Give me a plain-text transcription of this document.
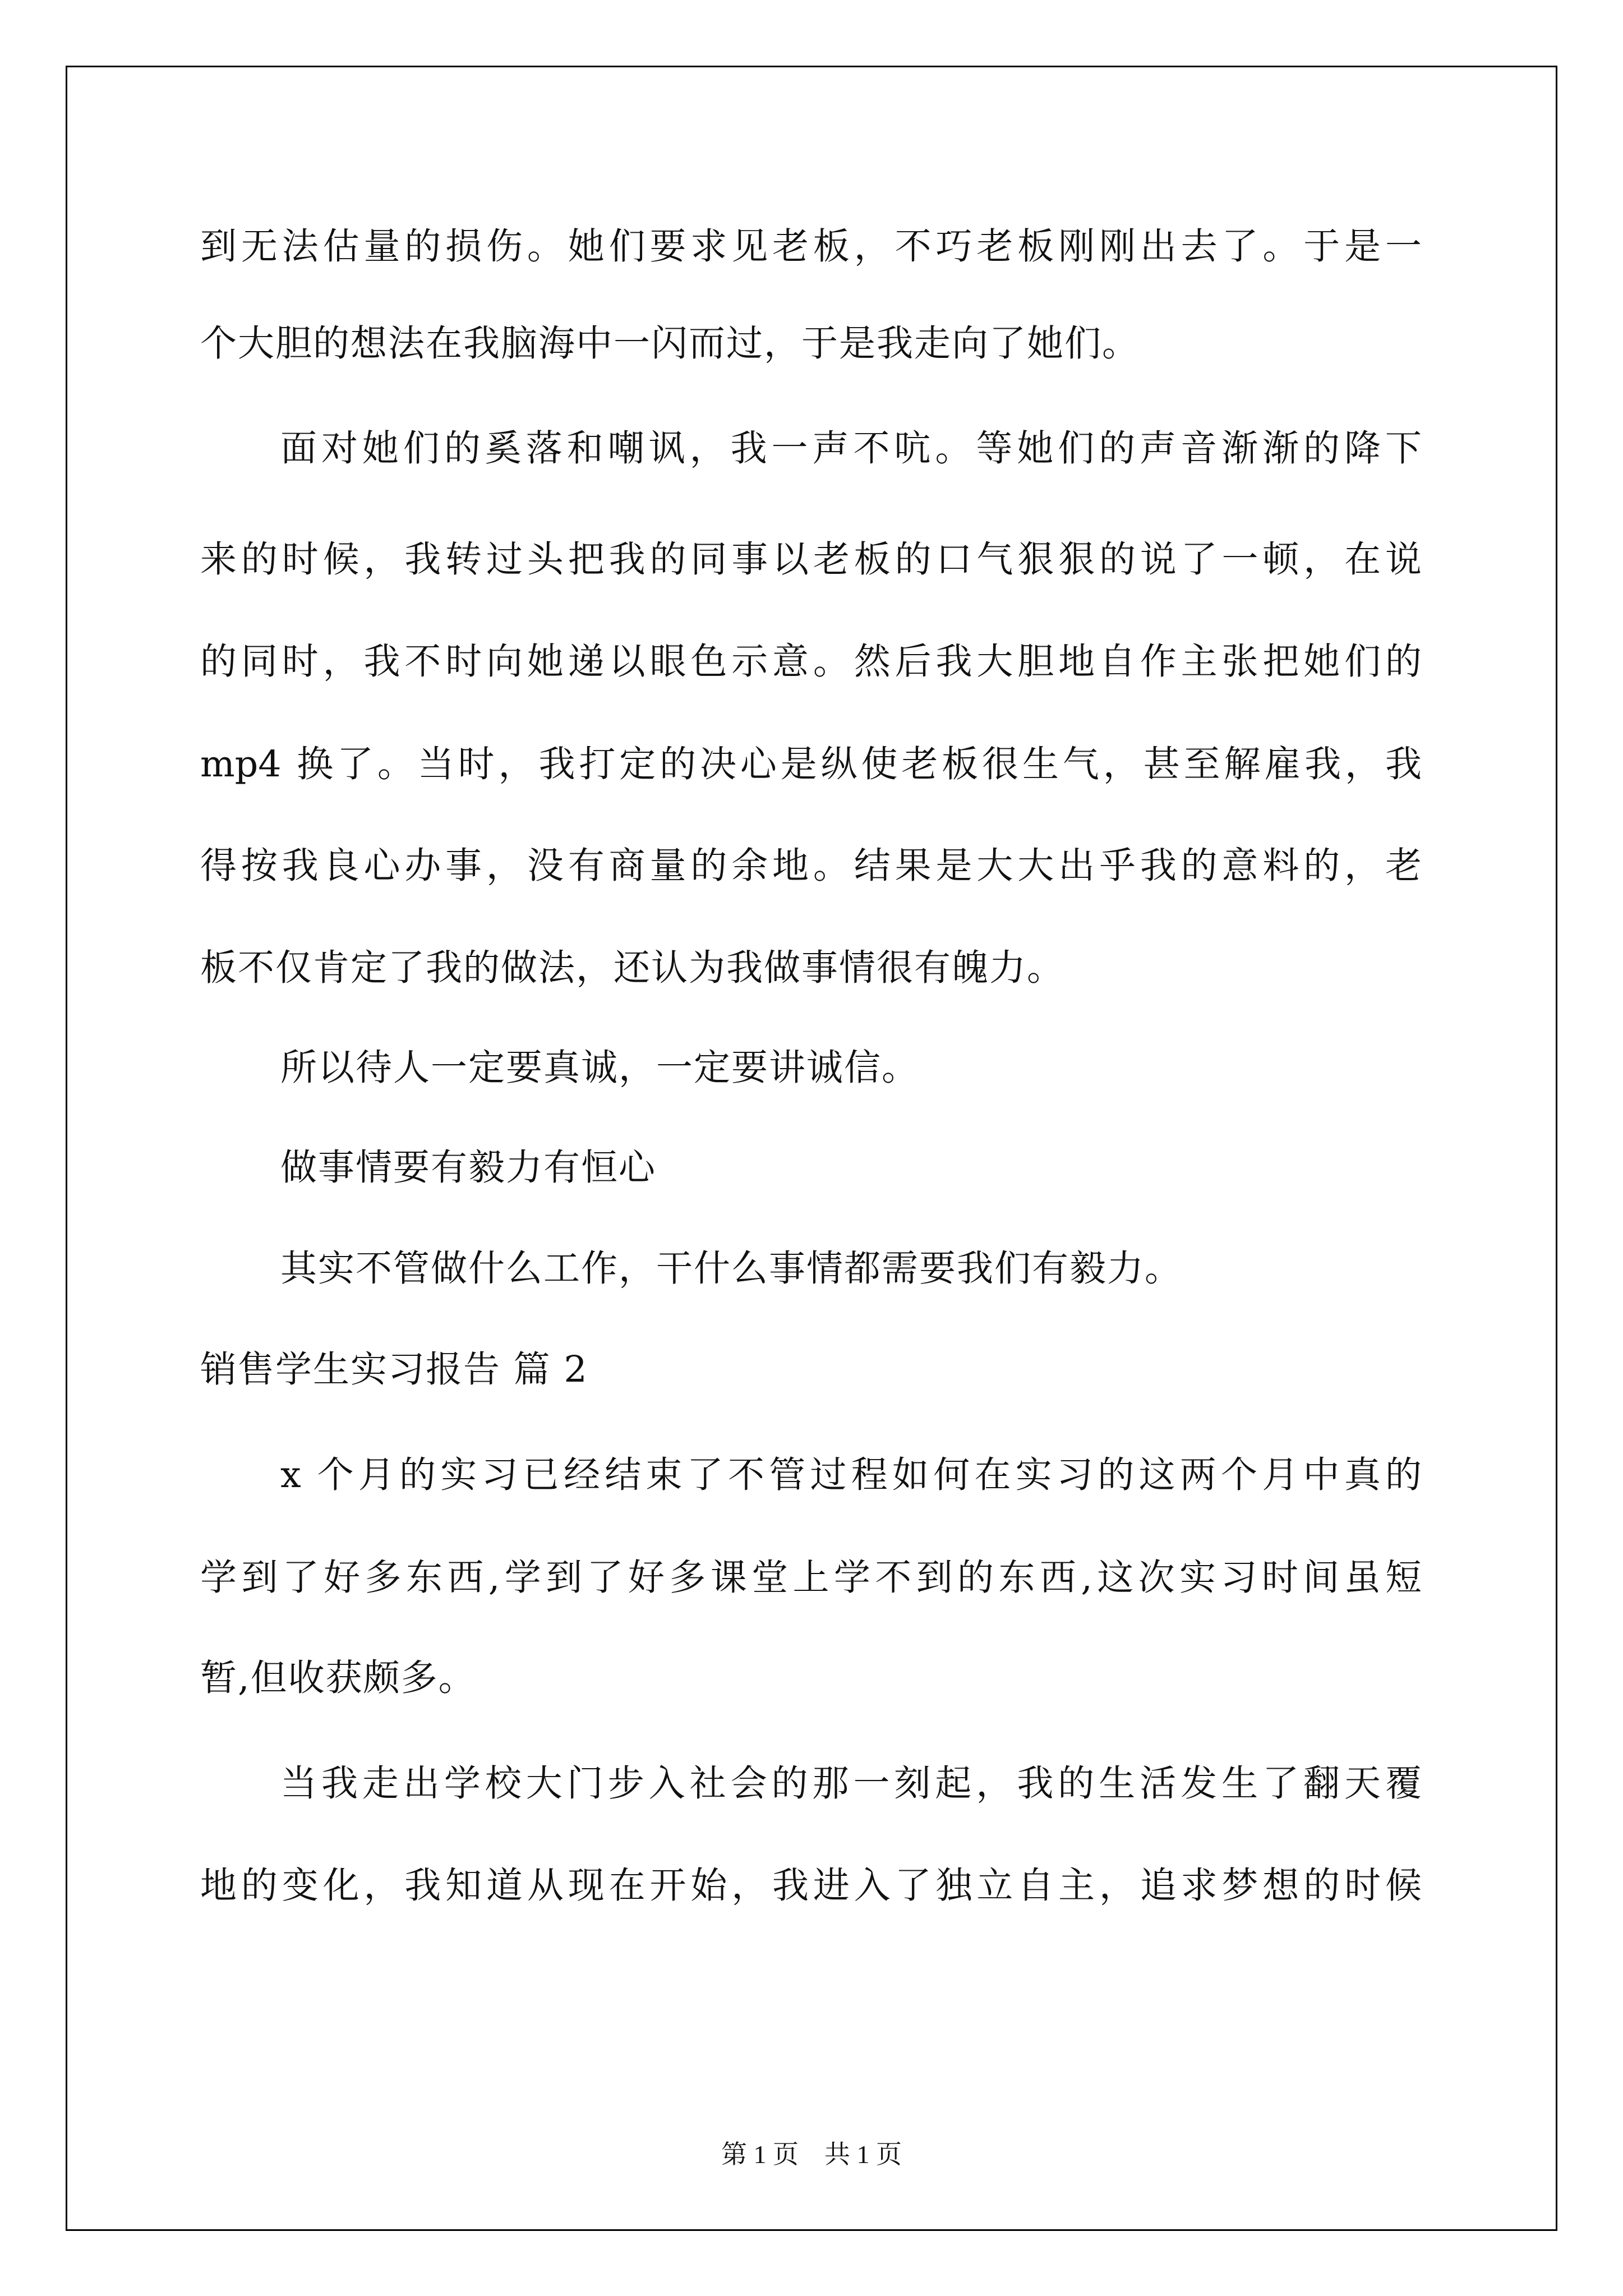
到无法估量的损伤。她们要求见老板，不巧老板刚刚出去了。于是一

个大胆的想法在我脑海中一闪而过，于是我走向了她们。

面对她们的奚落和嘲讽，我一声不吭。等她们的声音渐渐的降下

来的时候，我转过头把我的同事以老板的口气狠狠的说了一顿，在说

的同时，我不时向她递以眼色示意。然后我大胆地自作主张把她们的

mp4 换了。当时，我打定的决心是纵使老板很生气，甚至解雇我，我

得按我良心办事，没有商量的余地。结果是大大出乎我的意料的，老

板不仅肯定了我的做法，还认为我做事情很有魄力。

所以待人一定要真诚，一定要讲诚信。

做事情要有毅力有恒心

其实不管做什么工作，干什么事情都需要我们有毅力。

销售学生实习报告 篇 2

x 个月的实习已经结束了不管过程如何在实习的这两个月中真的

学到了好多东西,学到了好多课堂上学不到的东西,这次实习时间虽短

暂,但收获颇多。

当我走出学校大门步入社会的那一刻起，我的生活发生了翻天覆

地的变化，我知道从现在开始，我进入了独立自主，追求梦想的时候

第 1 页    共 1 页
